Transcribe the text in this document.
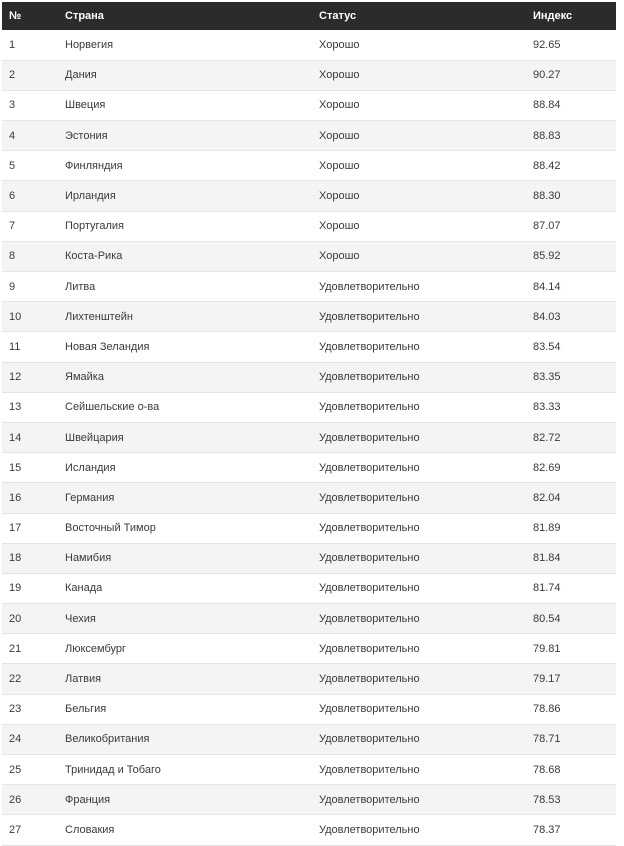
№	Страна	Статус	Индекс
1	Норвегия	Хорошо	92.65
2	Дания	Хорошо	90.27
3	Швеция	Хорошо	88.84
4	Эстония	Хорошо	88.83
5	Финляндия	Хорошо	88.42
6	Ирландия	Хорошо	88.30
7	Португалия	Хорошо	87.07
8	Коста-Рика	Хорошо	85.92
9	Литва	Удовлетворительно	84.14
10	Лихтенштейн	Удовлетворительно	84.03
11	Новая Зеландия	Удовлетворительно	83.54
12	Ямайка	Удовлетворительно	83.35
13	Сейшельские о-ва	Удовлетворительно	83.33
14	Швейцария	Удовлетворительно	82.72
15	Исландия	Удовлетворительно	82.69
16	Германия	Удовлетворительно	82.04
17	Восточный Тимор	Удовлетворительно	81.89
18	Намибия	Удовлетворительно	81.84
19	Канада	Удовлетворительно	81.74
20	Чехия	Удовлетворительно	80.54
21	Люксембург	Удовлетворительно	79.81
22	Латвия	Удовлетворительно	79.17
23	Бельгия	Удовлетворительно	78.86
24	Великобритания	Удовлетворительно	78.71
25	Тринидад и Тобаго	Удовлетворительно	78.68
26	Франция	Удовлетворительно	78.53
27	Словакия	Удовлетворительно	78.37
